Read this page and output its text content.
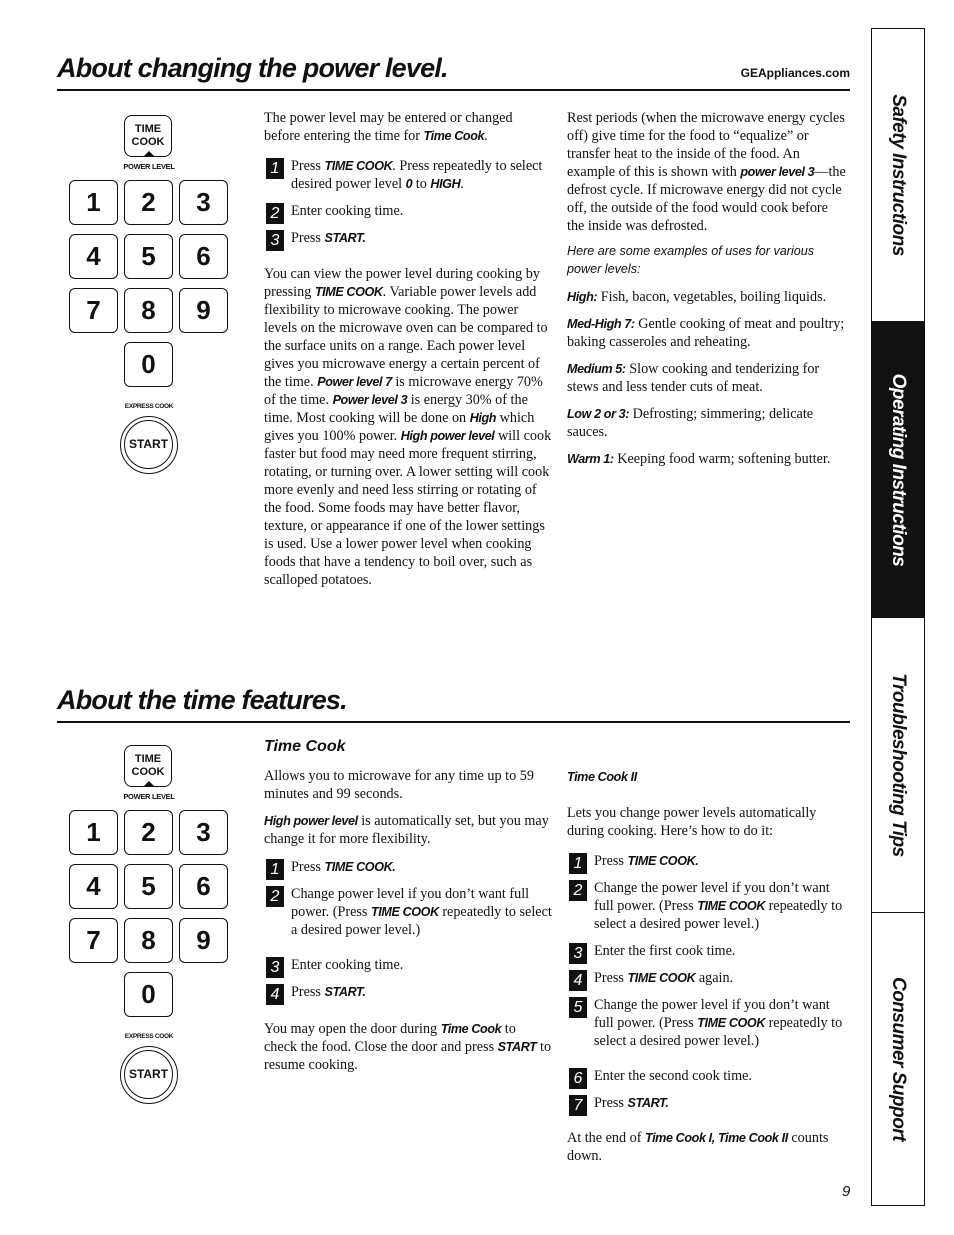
About changing the power level.	GEAppliances.com
TIME
COOK
POWER LEVEL
1	2	3
4	5	6
7	8	9
0
EXPRESS COOK
START

The power level may be entered or changed before entering the time for Time Cook.

1 Press TIME COOK. Press repeatedly to select desired power level 0 to HIGH.
2 Enter cooking time.
3 Press START.

You can view the power level during cooking by pressing TIME COOK. Variable power levels add flexibility to microwave cooking. The power levels on the microwave oven can be compared to the surface units on a range. Each power level gives you microwave energy a certain percent of the time. Power level 7 is microwave energy 70% of the time. Power level 3 is energy 30% of the time. Most cooking will be done on High which gives you 100% power. High power level will cook faster but food may need more frequent stirring, rotating, or turning over. A lower setting will cook more evenly and need less stirring or rotating of the food. Some foods may have better flavor, texture, or appearance if one of the lower settings is used. Use a lower power level when cooking foods that have a tendency to boil over, such as scalloped potatoes.

Rest periods (when the microwave energy cycles off) give time for the food to “equalize” or transfer heat to the inside of the food. An example of this is shown with power level 3—the defrost cycle. If microwave energy did not cycle off, the outside of the food would cook before the inside was defrosted.

Here are some examples of uses for various power levels:

High: Fish, bacon, vegetables, boiling liquids.

Med-High 7: Gentle cooking of meat and poultry; baking casseroles and reheating.

Medium 5: Slow cooking and tenderizing for stews and less tender cuts of meat.

Low 2 or 3: Defrosting; simmering; delicate sauces.

Warm 1: Keeping food warm; softening butter.

About the time features.
TIME
COOK
POWER LEVEL
1	2	3
4	5	6
7	8	9
0
EXPRESS COOK
START
Time Cook

Allows you to microwave for any time up to 59 minutes and 99 seconds.

High power level is automatically set, but you may change it for more flexibility.

1 Press TIME COOK.
2 Change power level if you don’t want full power. (Press TIME COOK repeatedly to select a desired power level.)
3 Enter cooking time.
4 Press START.

You may open the door during Time Cook to check the food. Close the door and press START to resume cooking.

Time Cook II

Lets you change power levels automatically during cooking. Here’s how to do it:

1 Press TIME COOK.
2 Change the power level if you don’t want full power. (Press TIME COOK repeatedly to select a desired power level.)
3 Enter the first cook time.
4 Press TIME COOK again.
5 Change the power level if you don’t want full power. (Press TIME COOK repeatedly to select a desired power level.)
6 Enter the second cook time.
7 Press START.

At the end of Time Cook I, Time Cook II counts down.

Safety Instructions
Operating Instructions
Troubleshooting Tips
Consumer Support
9
